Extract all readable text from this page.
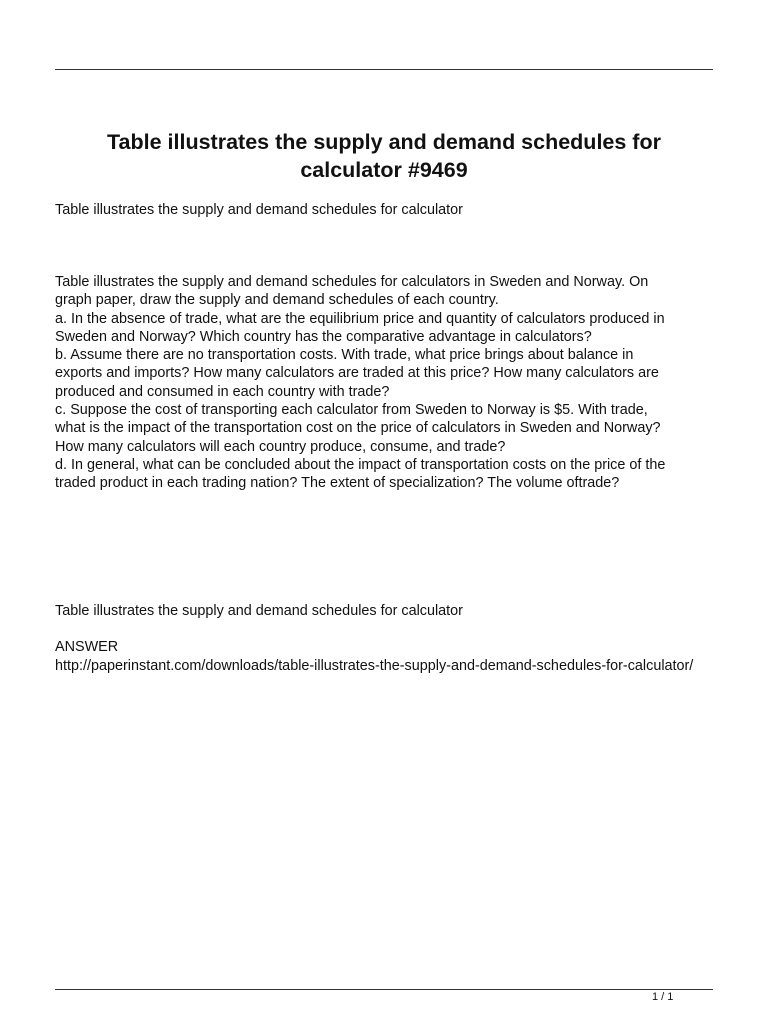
Table illustrates the supply and demand schedules for calculator #9469

Table illustrates the supply and demand schedules for calculator

Table illustrates the supply and demand schedules for calculators in Sweden and Norway. On
graph paper, draw the supply and demand schedules of each country.
a. In the absence of trade, what are the equilibrium price and quantity of calculators produced in
Sweden and Norway? Which country has the comparative advantage in calculators?
b. Assume there are no transportation costs. With trade, what price brings about balance in
exports and imports? How many calculators are traded at this price? How many calculators are
produced and consumed in each country with trade?
c. Suppose the cost of transporting each calculator from Sweden to Norway is $5. With trade,
what is the impact of the transportation cost on the price of calculators in Sweden and Norway?
How many calculators will each country produce, consume, and trade?
d. In general, what can be concluded about the impact of transportation costs on the price of the
traded product in each trading nation? The extent of specialization? The volume oftrade?

Table illustrates the supply and demand schedules for calculator

ANSWER

http://paperinstant.com/downloads/table-illustrates-the-supply-and-demand-schedules-for-calculator/

1 / 1
